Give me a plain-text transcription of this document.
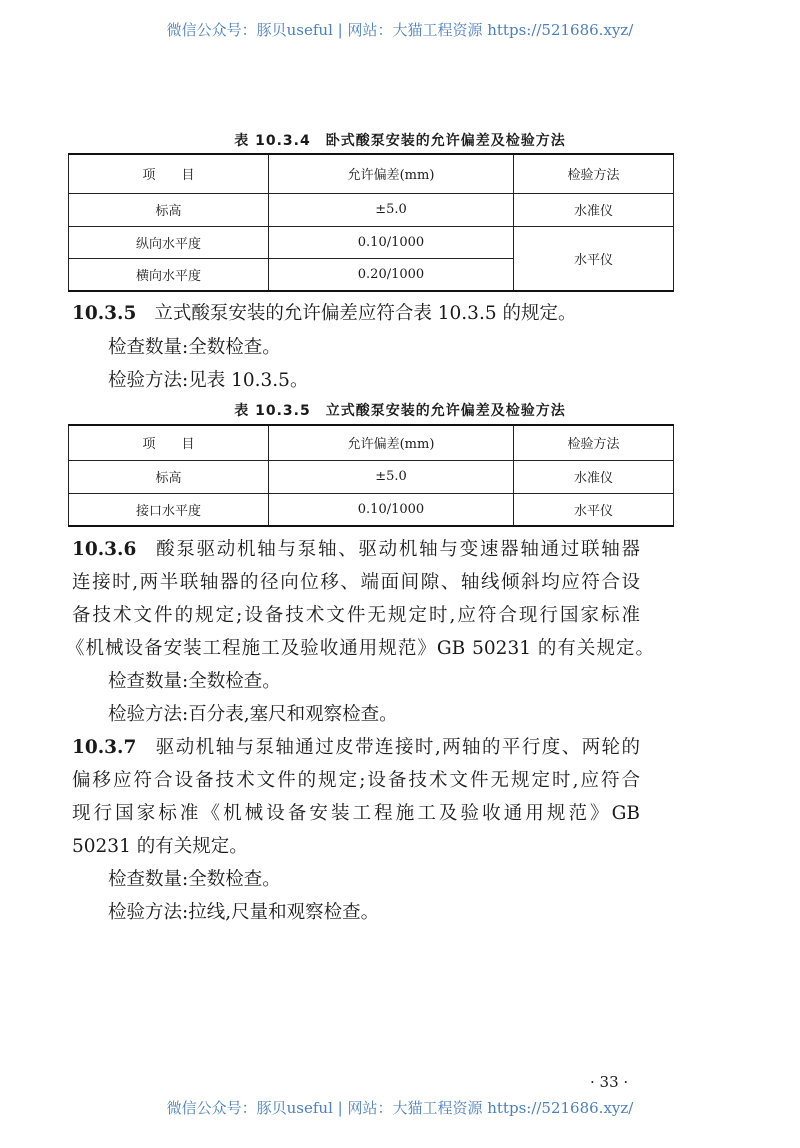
微信公众号：豚贝useful | 网站：大猫工程资源 https://521686.xyz/
表 10.3.4　卧式酸泵安装的允许偏差及检验方法
项　　目	允许偏差(mm)	检验方法
标高	±5.0	水准仪
纵向水平度	0.10/1000	水平仪
横向水平度	0.20/1000	
10.3.5 立式酸泵安装的允许偏差应符合表 10.3.5 的规定。
检查数量:全数检查。
检验方法:见表 10.3.5。
表 10.3.5　立式酸泵安装的允许偏差及检验方法
项　　目	允许偏差(mm)	检验方法
标高	±5.0	水准仪
接口水平度	0.10/1000	水平仪
10.3.6 酸泵驱动机轴与泵轴、驱动机轴与变速器轴通过联轴器
连接时,两半联轴器的径向位移、端面间隙、轴线倾斜均应符合设
备技术文件的规定;设备技术文件无规定时,应符合现行国家标准
《机械设备安装工程施工及验收通用规范》GB 50231 的有关规定。
检查数量:全数检查。
检验方法:百分表,塞尺和观察检查。
10.3.7 驱动机轴与泵轴通过皮带连接时,两轴的平行度、两轮的
偏移应符合设备技术文件的规定;设备技术文件无规定时,应符合
现行国家标准《机械设备安装工程施工及验收通用规范》GB
50231 的有关规定。
检查数量:全数检查。
检验方法:拉线,尺量和观察检查。
· 33 ·
微信公众号：豚贝useful | 网站：大猫工程资源 https://521686.xyz/
